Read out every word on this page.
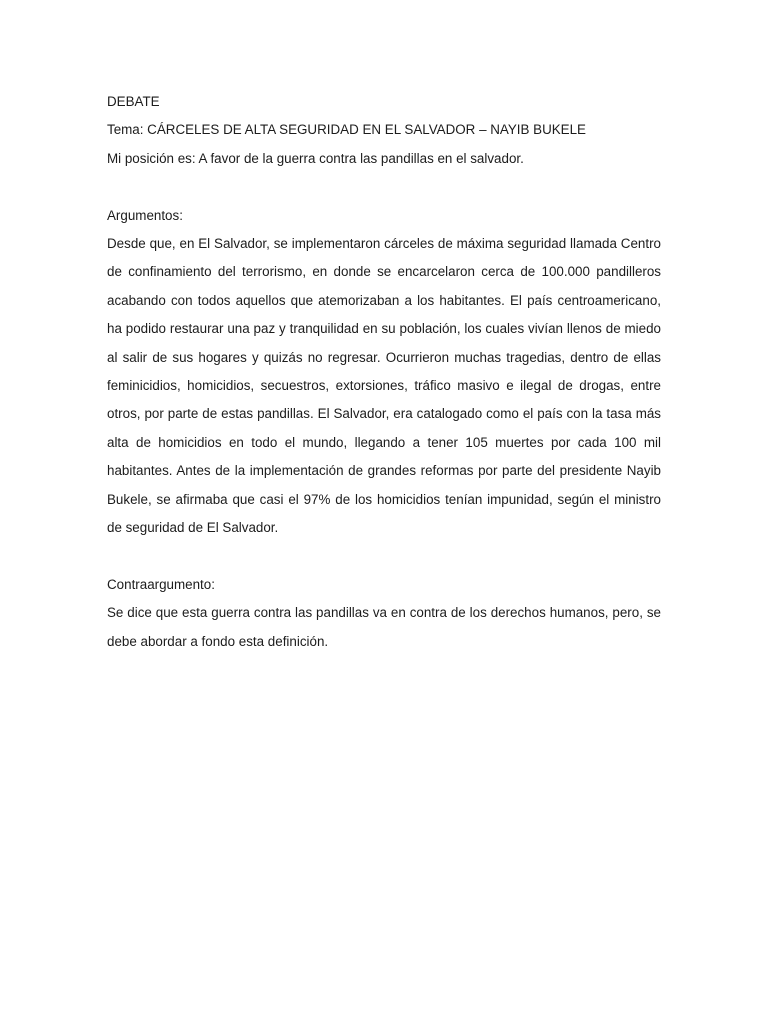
DEBATE

Tema: CÁRCELES DE ALTA SEGURIDAD EN EL SALVADOR – NAYIB BUKELE

Mi posición es: A favor de la guerra contra las pandillas en el salvador.

Argumentos:

Desde que, en El Salvador, se implementaron cárceles de máxima seguridad llamada Centro
de confinamiento del terrorismo, en donde se encarcelaron cerca de 100.000 pandilleros
acabando con todos aquellos que atemorizaban a los habitantes. El país centroamericano,
ha podido restaurar una paz y tranquilidad en su población, los cuales vivían llenos de miedo
al salir de sus hogares y quizás no regresar. Ocurrieron muchas tragedias, dentro de ellas
feminicidios, homicidios, secuestros, extorsiones, tráfico masivo e ilegal de drogas, entre
otros, por parte de estas pandillas. El Salvador, era catalogado como el país con la tasa más
alta de homicidios en todo el mundo, llegando a tener 105 muertes por cada 100 mil
habitantes. Antes de la implementación de grandes reformas por parte del presidente Nayib
Bukele, se afirmaba que casi el 97% de los homicidios tenían impunidad, según el ministro
de seguridad de El Salvador.

Contraargumento:

Se dice que esta guerra contra las pandillas va en contra de los derechos humanos, pero, se
debe abordar a fondo esta definición.
